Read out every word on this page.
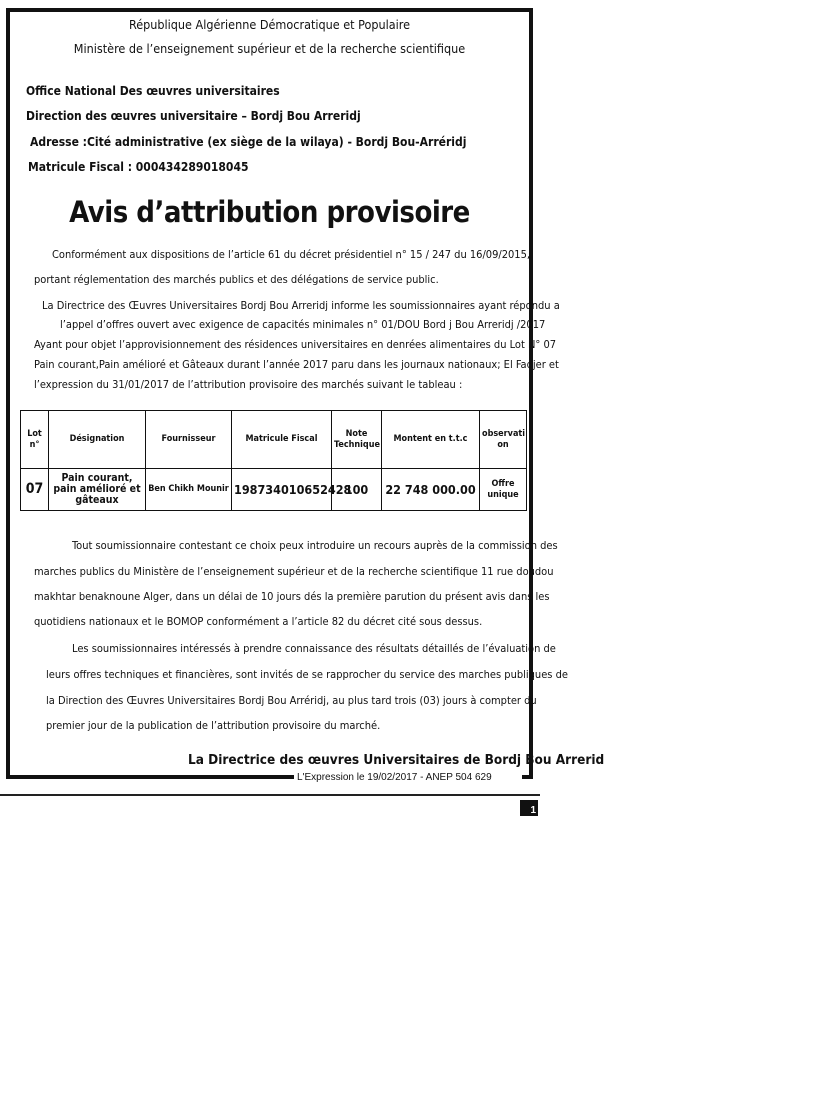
République Algérienne Démocratique et Populaire
Ministère de l’enseignement supérieur et de la recherche scientifique
Office National Des œuvres universitaires
Direction des œuvres universitaire – Bordj Bou Arreridj
Adresse :Cité administrative (ex siège de la wilaya) - Bordj Bou-Arréridj
Matricule Fiscal : 000434289018045
Avis d’attribution provisoire
Conformément aux dispositions de l’article 61 du décret présidentiel n° 15 / 247 du 16/09/2015,
portant réglementation des marchés publics et des délégations de service public.
La Directrice des Œuvres Universitaires Bordj Bou Arreridj informe les soumissionnaires ayant répondu a
l’appel d’offres ouvert avec exigence de capacités minimales n° 01/DOU Bord j Bou Arreridj /2017
Ayant pour objet l’approvisionnement des résidences universitaires en denrées alimentaires du Lot N° 07
Pain courant,Pain amélioré et Gâteaux durant l’année 2017 paru dans les journaux nationaux; El Fadjer et
l’expression du 31/01/2017 de l’attribution provisoire des marchés suivant le tableau :
Lot n°	Désignation	Fournisseur	Matricule Fiscal	Note Technique	Montent en t.t.c	observati on
07	Pain courant, pain amélioré et gâteaux	Ben Chikh Mounir	198734010652428	100	22 748 000.00	Offre unique
Tout soumissionnaire contestant ce choix peux introduire un recours auprès de la commission des
marches publics du Ministère de l’enseignement supérieur et de la recherche scientifique 11 rue doudou
makhtar benaknoune Alger, dans un délai de 10 jours dés la première parution du présent avis dans les
quotidiens nationaux et le BOMOP conformément a l’article 82 du décret cité sous dessus.
Les soumissionnaires intéressés à prendre connaissance des résultats détaillés de l’évaluation de
leurs offres techniques et financières, sont invités de se rapprocher du service des marches publiques de
la Direction des Œuvres Universitaires Bordj Bou Arréridj, au plus tard trois (03) jours à compter du
premier jour de la publication de l’attribution provisoire du marché.
La Directrice des œuvres Universitaires de Bordj Bou Arrerid
L'Expression le 19/02/2017 - ANEP 504 629
1
